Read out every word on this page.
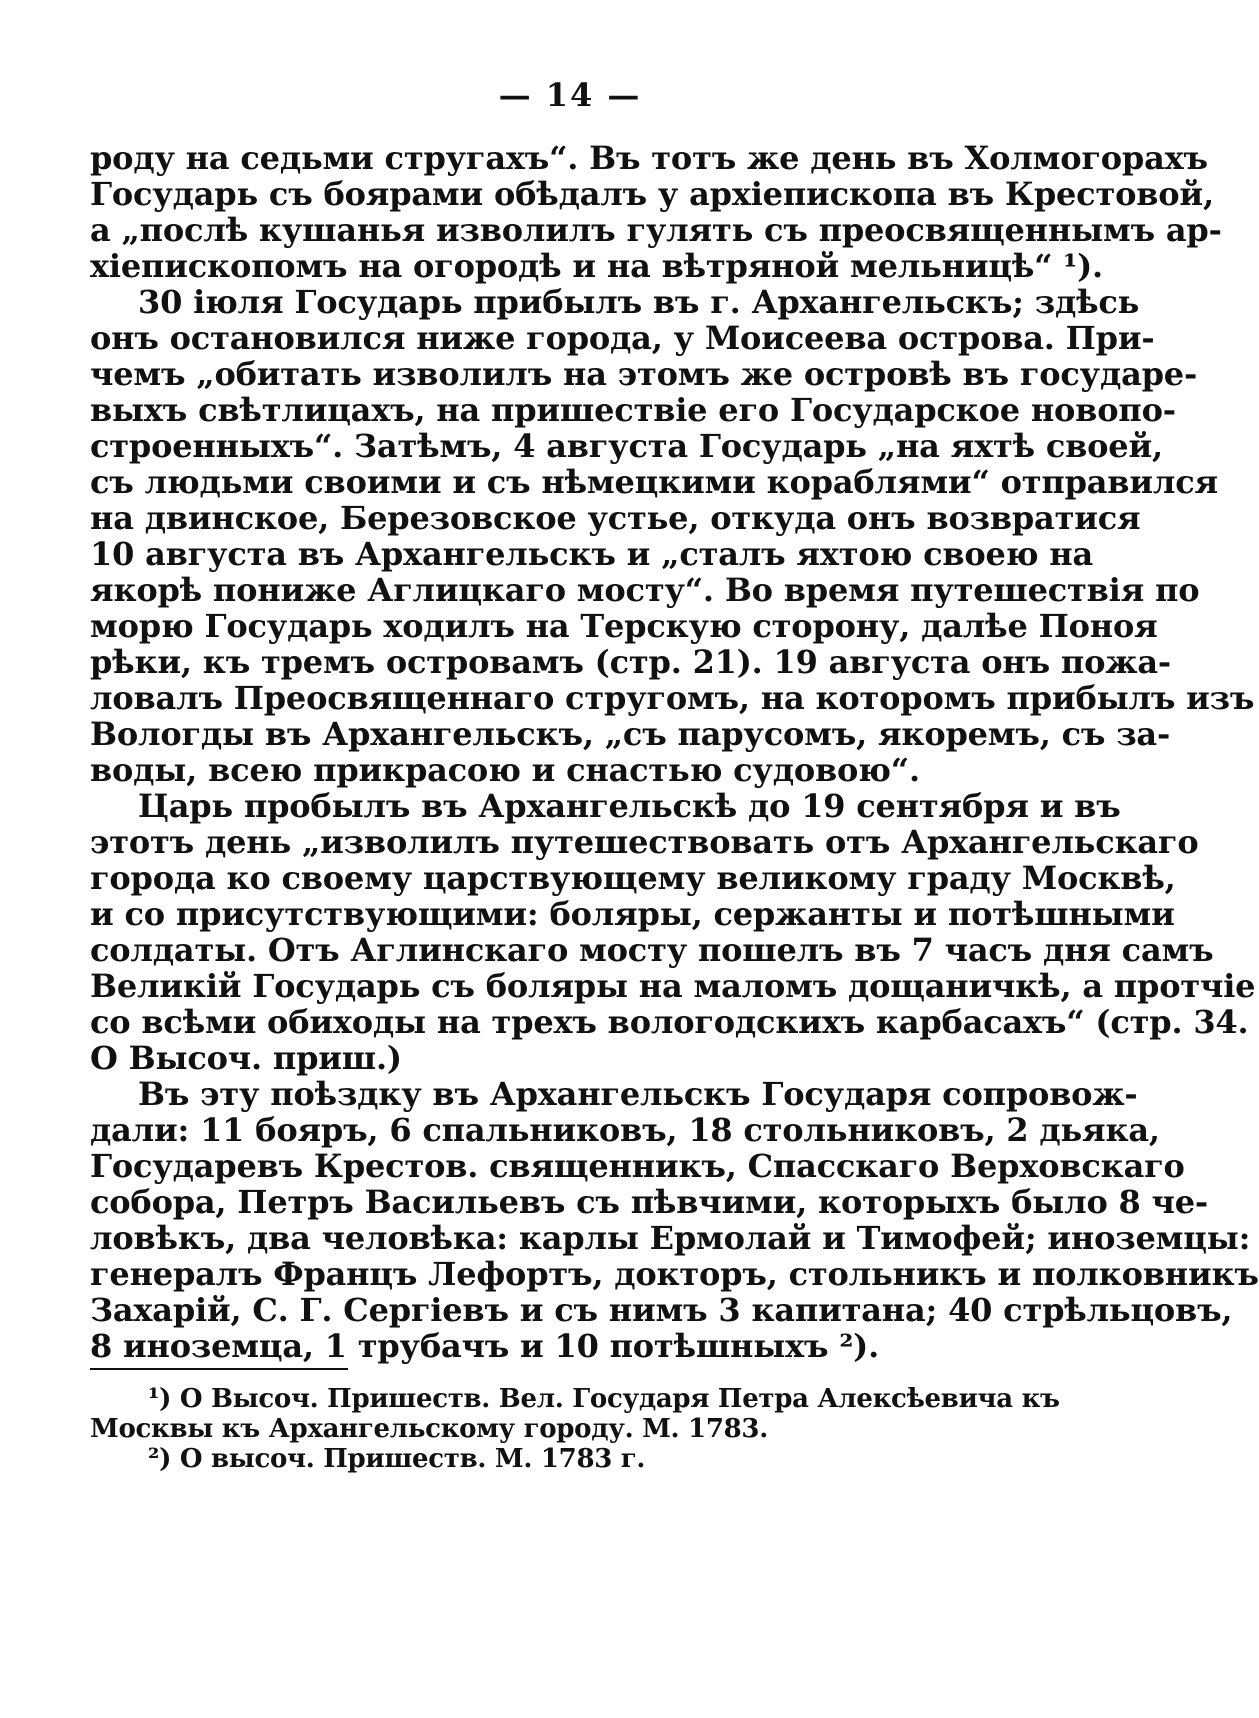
— 14 —
роду на седьми стругахъ“. Въ тотъ же день въ Холмогорахъ
Государь съ боярами обѣдалъ у архіепископа въ Крестовой,
а „послѣ кушанья изволилъ гулять съ преосвященнымъ ар-
хіепископомъ на огородѣ и на вѣтряной мельницѣ“ ¹).
30 іюля Государь прибылъ въ г. Архангельскъ; здѣсь
онъ остановился ниже города, у Моисеева острова. При-
чемъ „обитать изволилъ на этомъ же островѣ въ государе-
выхъ свѣтлицахъ, на пришествіе его Государское новопо-
строенныхъ“. Затѣмъ, 4 августа Государь „на яхтѣ своей,
съ людьми своими и съ нѣмецкими кораблями“ отправился
на двинское, Березовское устье, откуда онъ возвратися
10 августа въ Архангельскъ и „сталъ яхтою своею на
якорѣ пониже Аглицкаго мосту“. Во время путешествія по
морю Государь ходилъ на Терскую сторону, далѣе Поноя
рѣки, къ тремъ островамъ (стр. 21). 19 августа онъ пожа-
ловалъ Преосвященнаго стругомъ, на которомъ прибылъ изъ
Вологды въ Архангельскъ, „съ парусомъ, якоремъ, съ за-
воды, всею прикрасою и снастью судовою“.
Царь пробылъ въ Архангельскѣ до 19 сентября и въ
этотъ день „изволилъ путешествовать отъ Архангельскаго
города ко своему царствующему великому граду Москвѣ,
и со присутствующими: боляры, сержанты и потѣшными
солдаты. Отъ Аглинскаго мосту пошелъ въ 7 часъ дня самъ
Великій Государь съ боляры на маломъ дощаничкѣ, а протчіе
со всѣми обиходы на трехъ вологодскихъ карбасахъ“ (стр. 34.
О Высоч. приш.)
Въ эту поѣздку въ Архангельскъ Государя сопровож-
дали: 11 бояръ, 6 спальниковъ, 18 стольниковъ, 2 дьяка,
Государевъ Крестов. священникъ, Спасскаго Верховскаго
собора, Петръ Васильевъ съ пѣвчими, которыхъ было 8 че-
ловѣкъ, два человѣка: карлы Ермолай и Тимофей; иноземцы:
генералъ Францъ Лефортъ, докторъ, стольникъ и полковникъ
Захарій, С. Г. Сергіевъ и съ нимъ 3 капитана; 40 стрѣльцовъ,
8 иноземца, 1 трубачъ и 10 потѣшныхъ ²).
¹) О Высоч. Пришеств. Вел. Государя Петра Алексѣевича къ
Москвы къ Архангельскому городу. М. 1783.
²) О высоч. Пришеств. М. 1783 г.
